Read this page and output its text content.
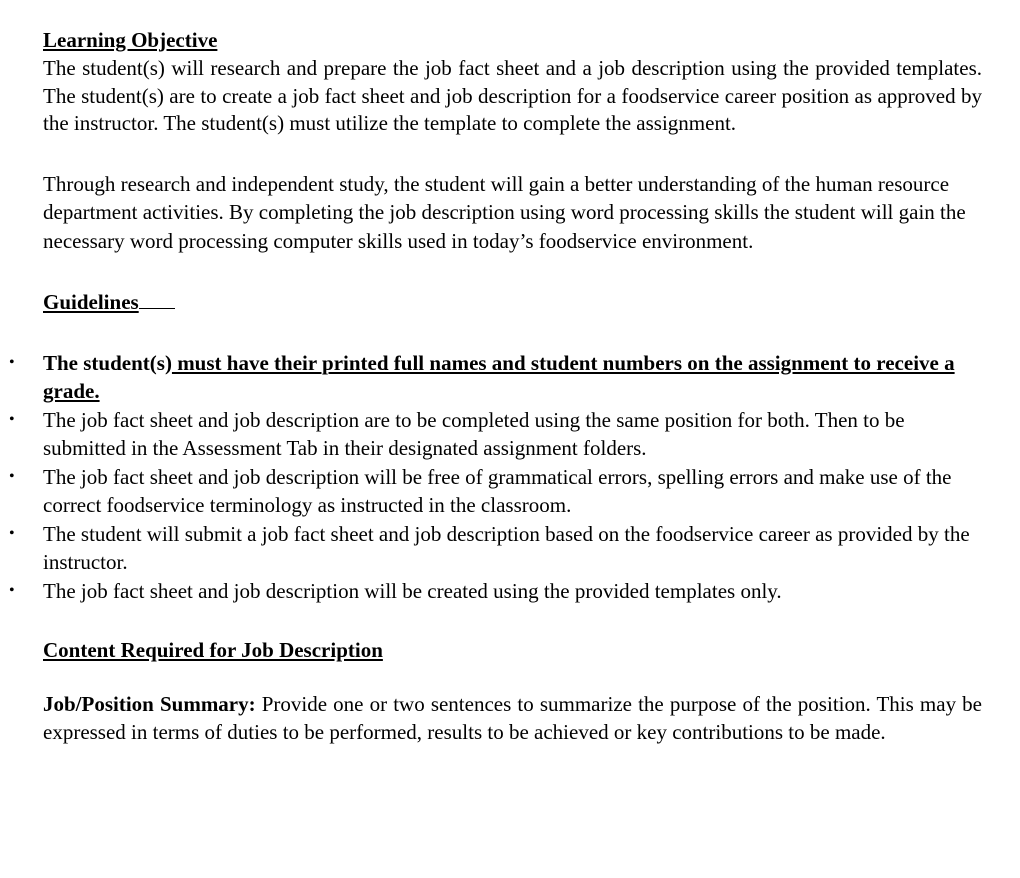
Learning Objective

The student(s) will research and prepare the job fact sheet and a job description using the provided templates. The student(s) are to create a job fact sheet and job description for a foodservice career position as approved by the instructor. The student(s) must utilize the template to complete the assignment.

Through research and independent study, the student will gain a better understanding of the human resource department activities. By completing the job description using word processing skills the student will gain the necessary word processing computer skills used in today’s foodservice environment.

Guidelines
• The student(s) must have their printed full names and student numbers on the assignment to receive a grade.
• The job fact sheet and job description are to be completed using the same position for both. Then to be submitted in the Assessment Tab in their designated assignment folders.
• The job fact sheet and job description will be free of grammatical errors, spelling errors and make use of the correct foodservice terminology as instructed in the classroom.
• The student will submit a job fact sheet and job description based on the foodservice career as provided by the instructor.
• The job fact sheet and job description will be created using the provided templates only.
Content Required for Job Description

Job/Position Summary: Provide one or two sentences to summarize the purpose of the position. This may be expressed in terms of duties to be performed, results to be achieved or key contributions to be made.
